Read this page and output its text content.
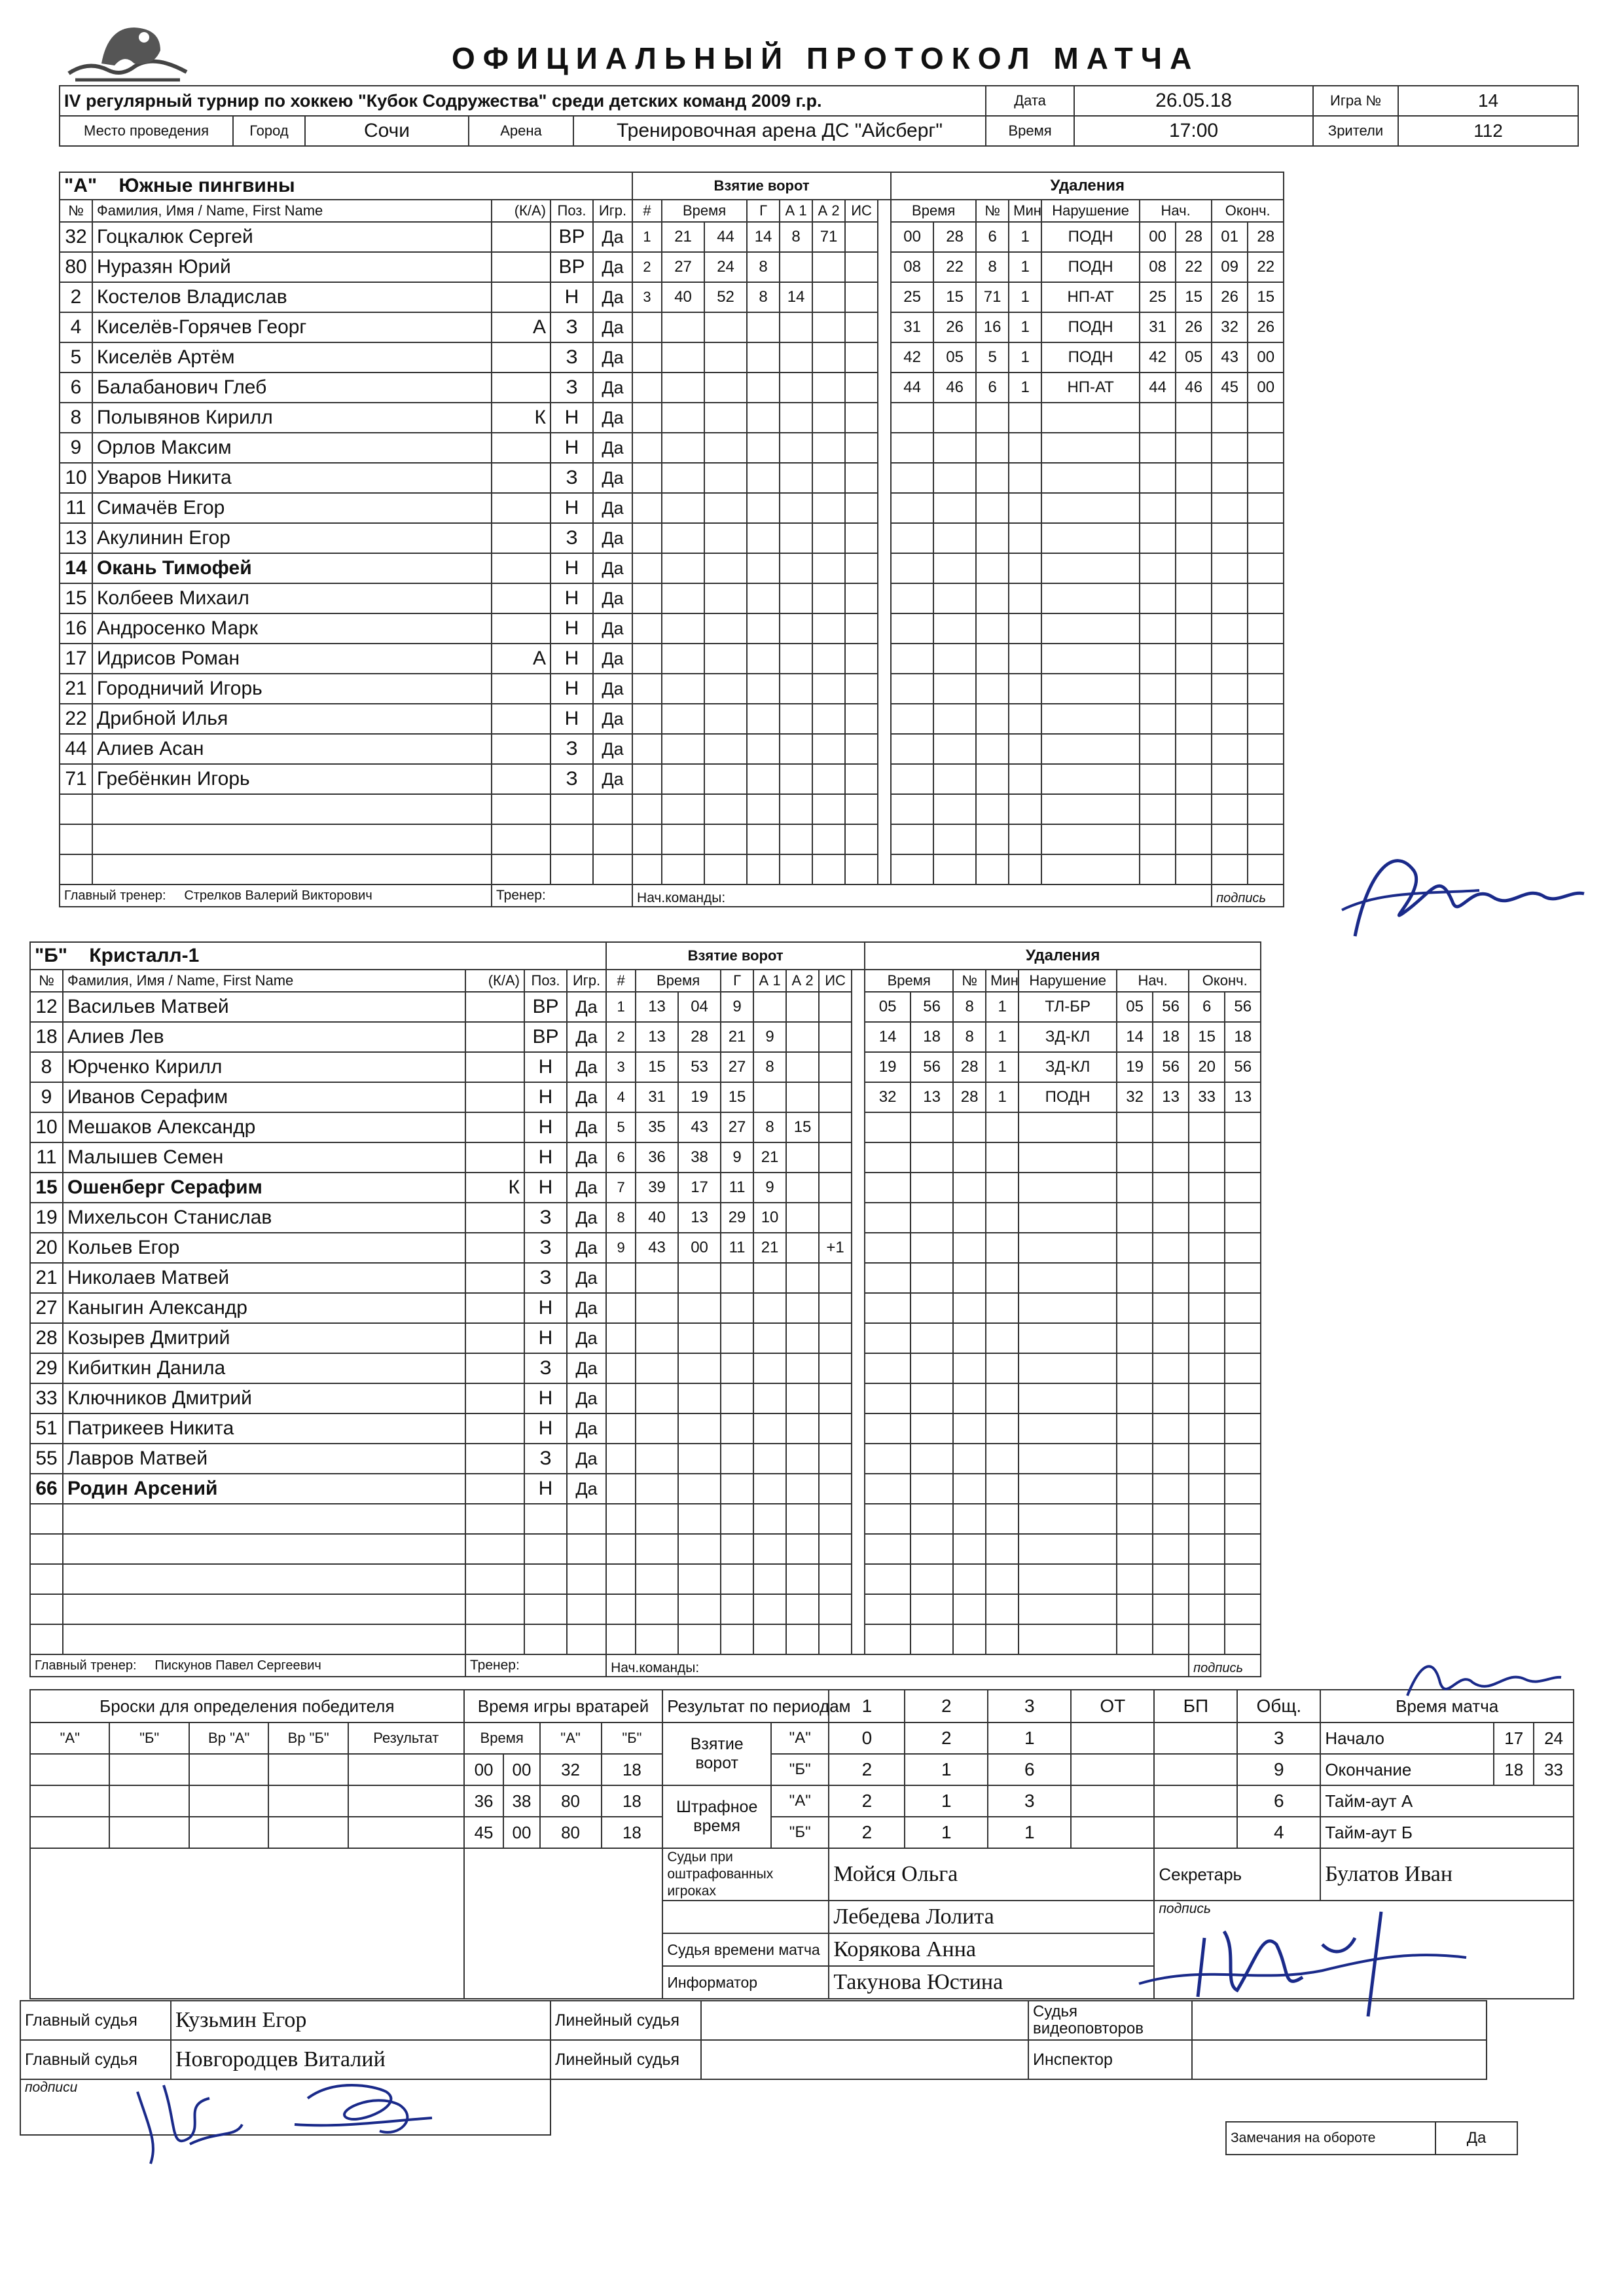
ОФИЦИАЛЬНЫЙ ПРОТОКОЛ МАТЧА
IV регулярный турнир по хоккею "Кубок Содружества" среди детских команд 2009 г.р.					Дата	26.05.18	Игра №	14
Место проведения	Город	Сочи	Арена	Тренировочная арена ДС "Айсберг"	Время	17:00	Зрители	112
"А" Южные пингвины					Взятие ворот								Удаления								
№	Фамилия, Имя / Name, First Name	(К/А)	Поз.	Игр.	#	Время		Г	А 1	А 2	ИС		Время		№	Мин	Нарушение	Нач.		Оконч.	
32	Гоцкалюк Сергей		ВР	Да	1	21	44	14	8	71			00	28	6	1	ПОДН	00	28	01	28
80	Нуразян Юрий		ВР	Да	2	27	24	8					08	22	8	1	ПОДН	08	22	09	22
2	Костелов Владислав		Н	Да	3	40	52	8	14				25	15	71	1	НП-АТ	25	15	26	15
4	Киселёв-Горячев Георг	А	З	Да									31	26	16	1	ПОДН	31	26	32	26
5	Киселёв Артём		З	Да									42	05	5	1	ПОДН	42	05	43	00
6	Балабанович Глеб		З	Да									44	46	6	1	НП-АТ	44	46	45	00
8	Полывянов Кирилл	К	Н	Да																	
9	Орлов Максим		Н	Да																	
10	Уваров Никита		З	Да																	
11	Симачёв Егор		Н	Да																	
13	Акулинин Егор		З	Да																	
14	Окань Тимофей		Н	Да																	
15	Колбеев Михаил		Н	Да																	
16	Андросенко Марк		Н	Да																	
17	Идрисов Роман	А	Н	Да																	
21	Городничий Игорь		Н	Да																	
22	Дрибной Илья		Н	Да																	
44	Алиев Асан		З	Да																	
71	Гребёнкин Игорь		З	Да																	

Главный тренер: Стрелков Валерий Викторович		Тренер:			Нач.команды:															подпись	
"Б" Кристалл-1					Взятие ворот								Удаления								
№	Фамилия, Имя / Name, First Name	(К/А)	Поз.	Игр.	#	Время		Г	А 1	А 2	ИС		Время		№	Мин	Нарушение	Нач.		Оконч.	
12	Васильев Матвей		ВР	Да	1	13	04	9					05	56	8	1	ТЛ-БР	05	56	6	56
18	Алиев Лев		ВР	Да	2	13	28	21	9				14	18	8	1	ЗД-КЛ	14	18	15	18
8	Юрченко Кирилл		Н	Да	3	15	53	27	8				19	56	28	1	ЗД-КЛ	19	56	20	56
9	Иванов Серафим		Н	Да	4	31	19	15					32	13	28	1	ПОДН	32	13	33	13
10	Мешаков Александр		Н	Да	5	35	43	27	8	15											
11	Малышев Семен		Н	Да	6	36	38	9	21												
15	Ошенберг Серафим	К	Н	Да	7	39	17	11	9												
19	Михельсон Станислав		З	Да	8	40	13	29	10												
20	Кольев Егор		З	Да	9	43	00	11	21		+1										
21	Николаев Матвей		З	Да																	
27	Каныгин Александр		Н	Да																	
28	Козырев Дмитрий		Н	Да																	
29	Кибиткин Данила		З	Да																	
33	Ключников Дмитрий		Н	Да																	
51	Патрикеев Никита		Н	Да																	
55	Лавров Матвей		З	Да																	
66	Родин Арсений		Н	Да																	

Главный тренер: Пискунов Павел Сергеевич		Тренер:			Нач.команды:															подпись	
Броски для определения победителя					Время игры вратарей				Результат по периодам		1	2	3	ОТ	БП	Общ.	Время матча		
"А"	"Б"	Вр "А"	Вр "Б"	Результат	Время		"А"	"Б"	Взятие ворот	"А"	0	2	1			3	Начало	17	24
					00	00	32	18		"Б"	2	1	6			9	Окончание	18	33
					36	38	80	18	Штрафное время	"А"	2	1	3			6	Тайм-аут А		
					45	00	80	18		"Б"	2	1	1			4	Тайм-аут Б		
									Судьи при оштрафованных игроках		Мойся Ольга				Секретарь		Булатов Иван		
											Лебедева Лолита				подпись				
									Судья времени матча		Корякова Анна								
									Информатор		Такунова Юстина								
Главный судья	Кузьмин Егор	Линейный судья		Судья видеоповторов	
Главный судья	Новгородцев Виталий	Линейный судья		Инспектор	
подписи					
Замечания на обороте	Да
